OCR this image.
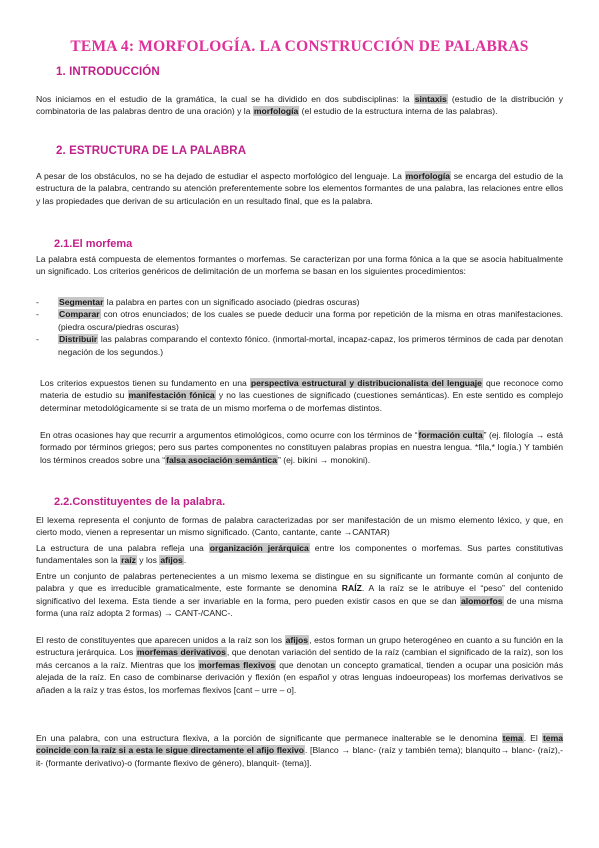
TEMA 4: MORFOLOGÍA. LA CONSTRUCCIÓN DE PALABRAS
1. INTRODUCCIÓN
Nos iniciamos en el estudio de la gramática, la cual se ha dividido en dos subdisciplinas: la sintaxis (estudio de la distribución y combinatoria de las palabras dentro de una oración) y la morfología (el estudio de la estructura interna de las palabras).
2. ESTRUCTURA DE LA PALABRA
A pesar de los obstáculos, no se ha dejado de estudiar el aspecto morfológico del lenguaje. La morfología se encarga del estudio de la estructura de la palabra, centrando su atención preferentemente sobre los elementos formantes de una palabra, las relaciones entre ellos y las propiedades que derivan de su articulación en un resultado final, que es la palabra.
2.1.El morfema
La palabra está compuesta de elementos formantes o morfemas. Se caracterizan por una forma fónica a la que se asocia habitualmente un significado. Los criterios genéricos de delimitación de un morfema se basan en los siguientes procedimientos:
- Segmentar la palabra en partes con un significado asociado (piedras oscuras)
- Comparar con otros enunciados; de los cuales se puede deducir una forma por repetición de la misma en otras manifestaciones. (piedra oscura/piedras oscuras)
- Distribuir las palabras comparando el contexto fónico. (inmortal-mortal, incapaz-capaz, los primeros términos de cada par denotan negación de los segundos.)
Los criterios expuestos tienen su fundamento en una perspectiva estructural y distribucionalista del lenguaje que reconoce como materia de estudio su manifestación fónica y no las cuestiones de significado (cuestiones semánticas). En este sentido es complejo determinar metodológicamente si se trata de un mismo morfema o de morfemas distintos.
En otras ocasiones hay que recurrir a argumentos etimológicos, como ocurre con los términos de “formación culta” (ej. filología → está formado por términos griegos; pero sus partes componentes no constituyen palabras propias en nuestra lengua. *fila,* logía.) Y también los términos creados sobre una “falsa asociación semántica” (ej. bikini → monokini).
2.2.Constituyentes de la palabra.
El lexema representa el conjunto de formas de palabra caracterizadas por ser manifestación de un mismo elemento léxico, y que, en cierto modo, vienen a representar un mismo significado. (Canto, cantante, cante →CANTAR)
La estructura de una palabra refleja una organización jerárquica entre los componentes o morfemas. Sus partes constitutivas fundamentales son la raíz y los afijos.
Entre un conjunto de palabras pertenecientes a un mismo lexema se distingue en su significante un formante común al conjunto de palabra y que es irreducible gramaticalmente, este formante se denomina RAÍZ. A la raíz se le atribuye el “peso” del contenido significativo del lexema. Esta tiende a ser invariable en la forma, pero pueden existir casos en que se dan alomorfos de una misma forma (una raíz adopta 2 formas) → CANT-/CANC-.
El resto de constituyentes que aparecen unidos a la raíz son los afijos, estos forman un grupo heterogéneo en cuanto a su función en la estructura jerárquica. Los morfemas derivativos, que denotan variación del sentido de la raíz (cambian el significado de la raíz), son los más cercanos a la raíz. Mientras que los morfemas flexivos que denotan un concepto gramatical, tienden a ocupar una posición más alejada de la raíz. En caso de combinarse derivación y flexión (en español y otras lenguas indoeuropeas) los morfemas derivativos se añaden a la raíz y tras éstos, los morfemas flexivos [cant – urre – o].
En una palabra, con una estructura flexiva, a la porción de significante que permanece inalterable se le denomina tema. El tema coincide con la raíz si a esta le sigue directamente el afijo flexivo. [Blanco → blanc- (raíz y también tema); blanquito→ blanc- (raíz),-it- (formante derivativo)-o (formante flexivo de género), blanquit- (tema)].
